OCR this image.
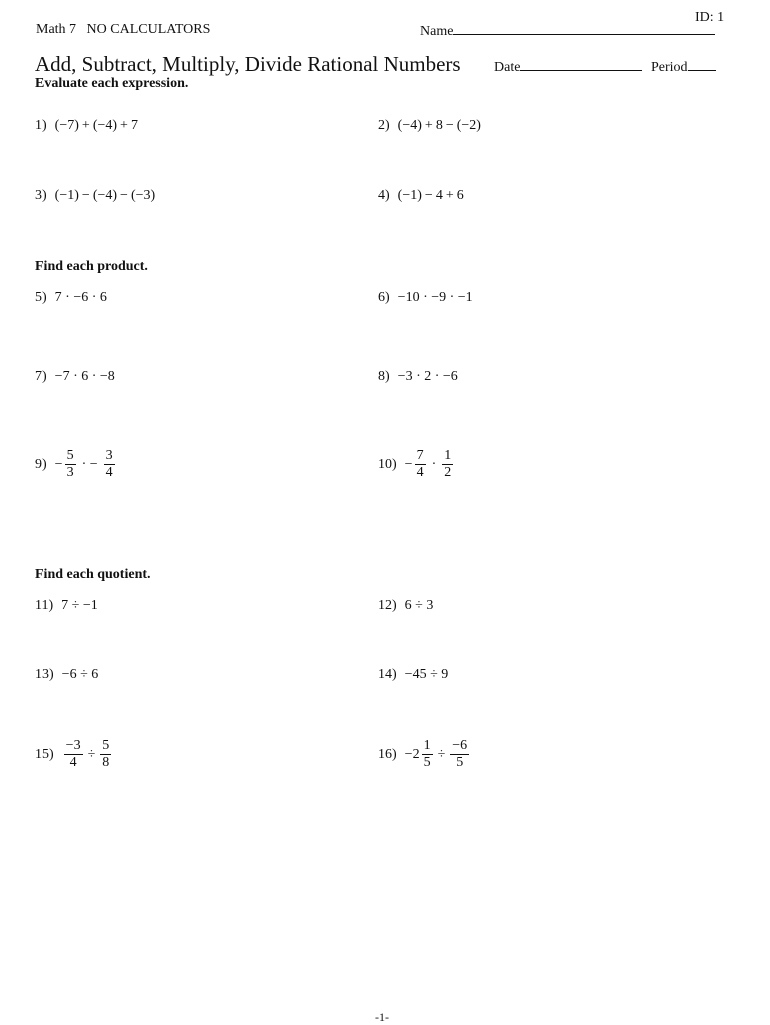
ID: 1
Math 7   NO CALCULATORS	Name
Add, Subtract, Multiply, Divide Rational Numbers Date	Period
Evaluate each expression.
1) (−7) + (−4) + 7	2) (−4) + 8 − (−2)
3) (−1) − (−4) − (−3)	4) (−1) − 4 + 6
Find each product.
5) 7 · −6 · 6	6) −10 · −9 · −1
7) −7 · 6 · −8	8) −3 · 2 · −6
$9) - \frac{5}{3}$ · − $\frac{3}{4}$	$10) - \frac{7}{4} \cdot \frac{1}{2}$
Find each quotient.
11) 7 ÷ −1	12) 6 ÷ 3
13) −6 ÷ 6	14) −45 ÷ 9
$15) \frac{-3}{4} \div \frac{5}{8}$	$16) -2 \frac{1}{5} \div \frac{-6}{5}$
-1-
